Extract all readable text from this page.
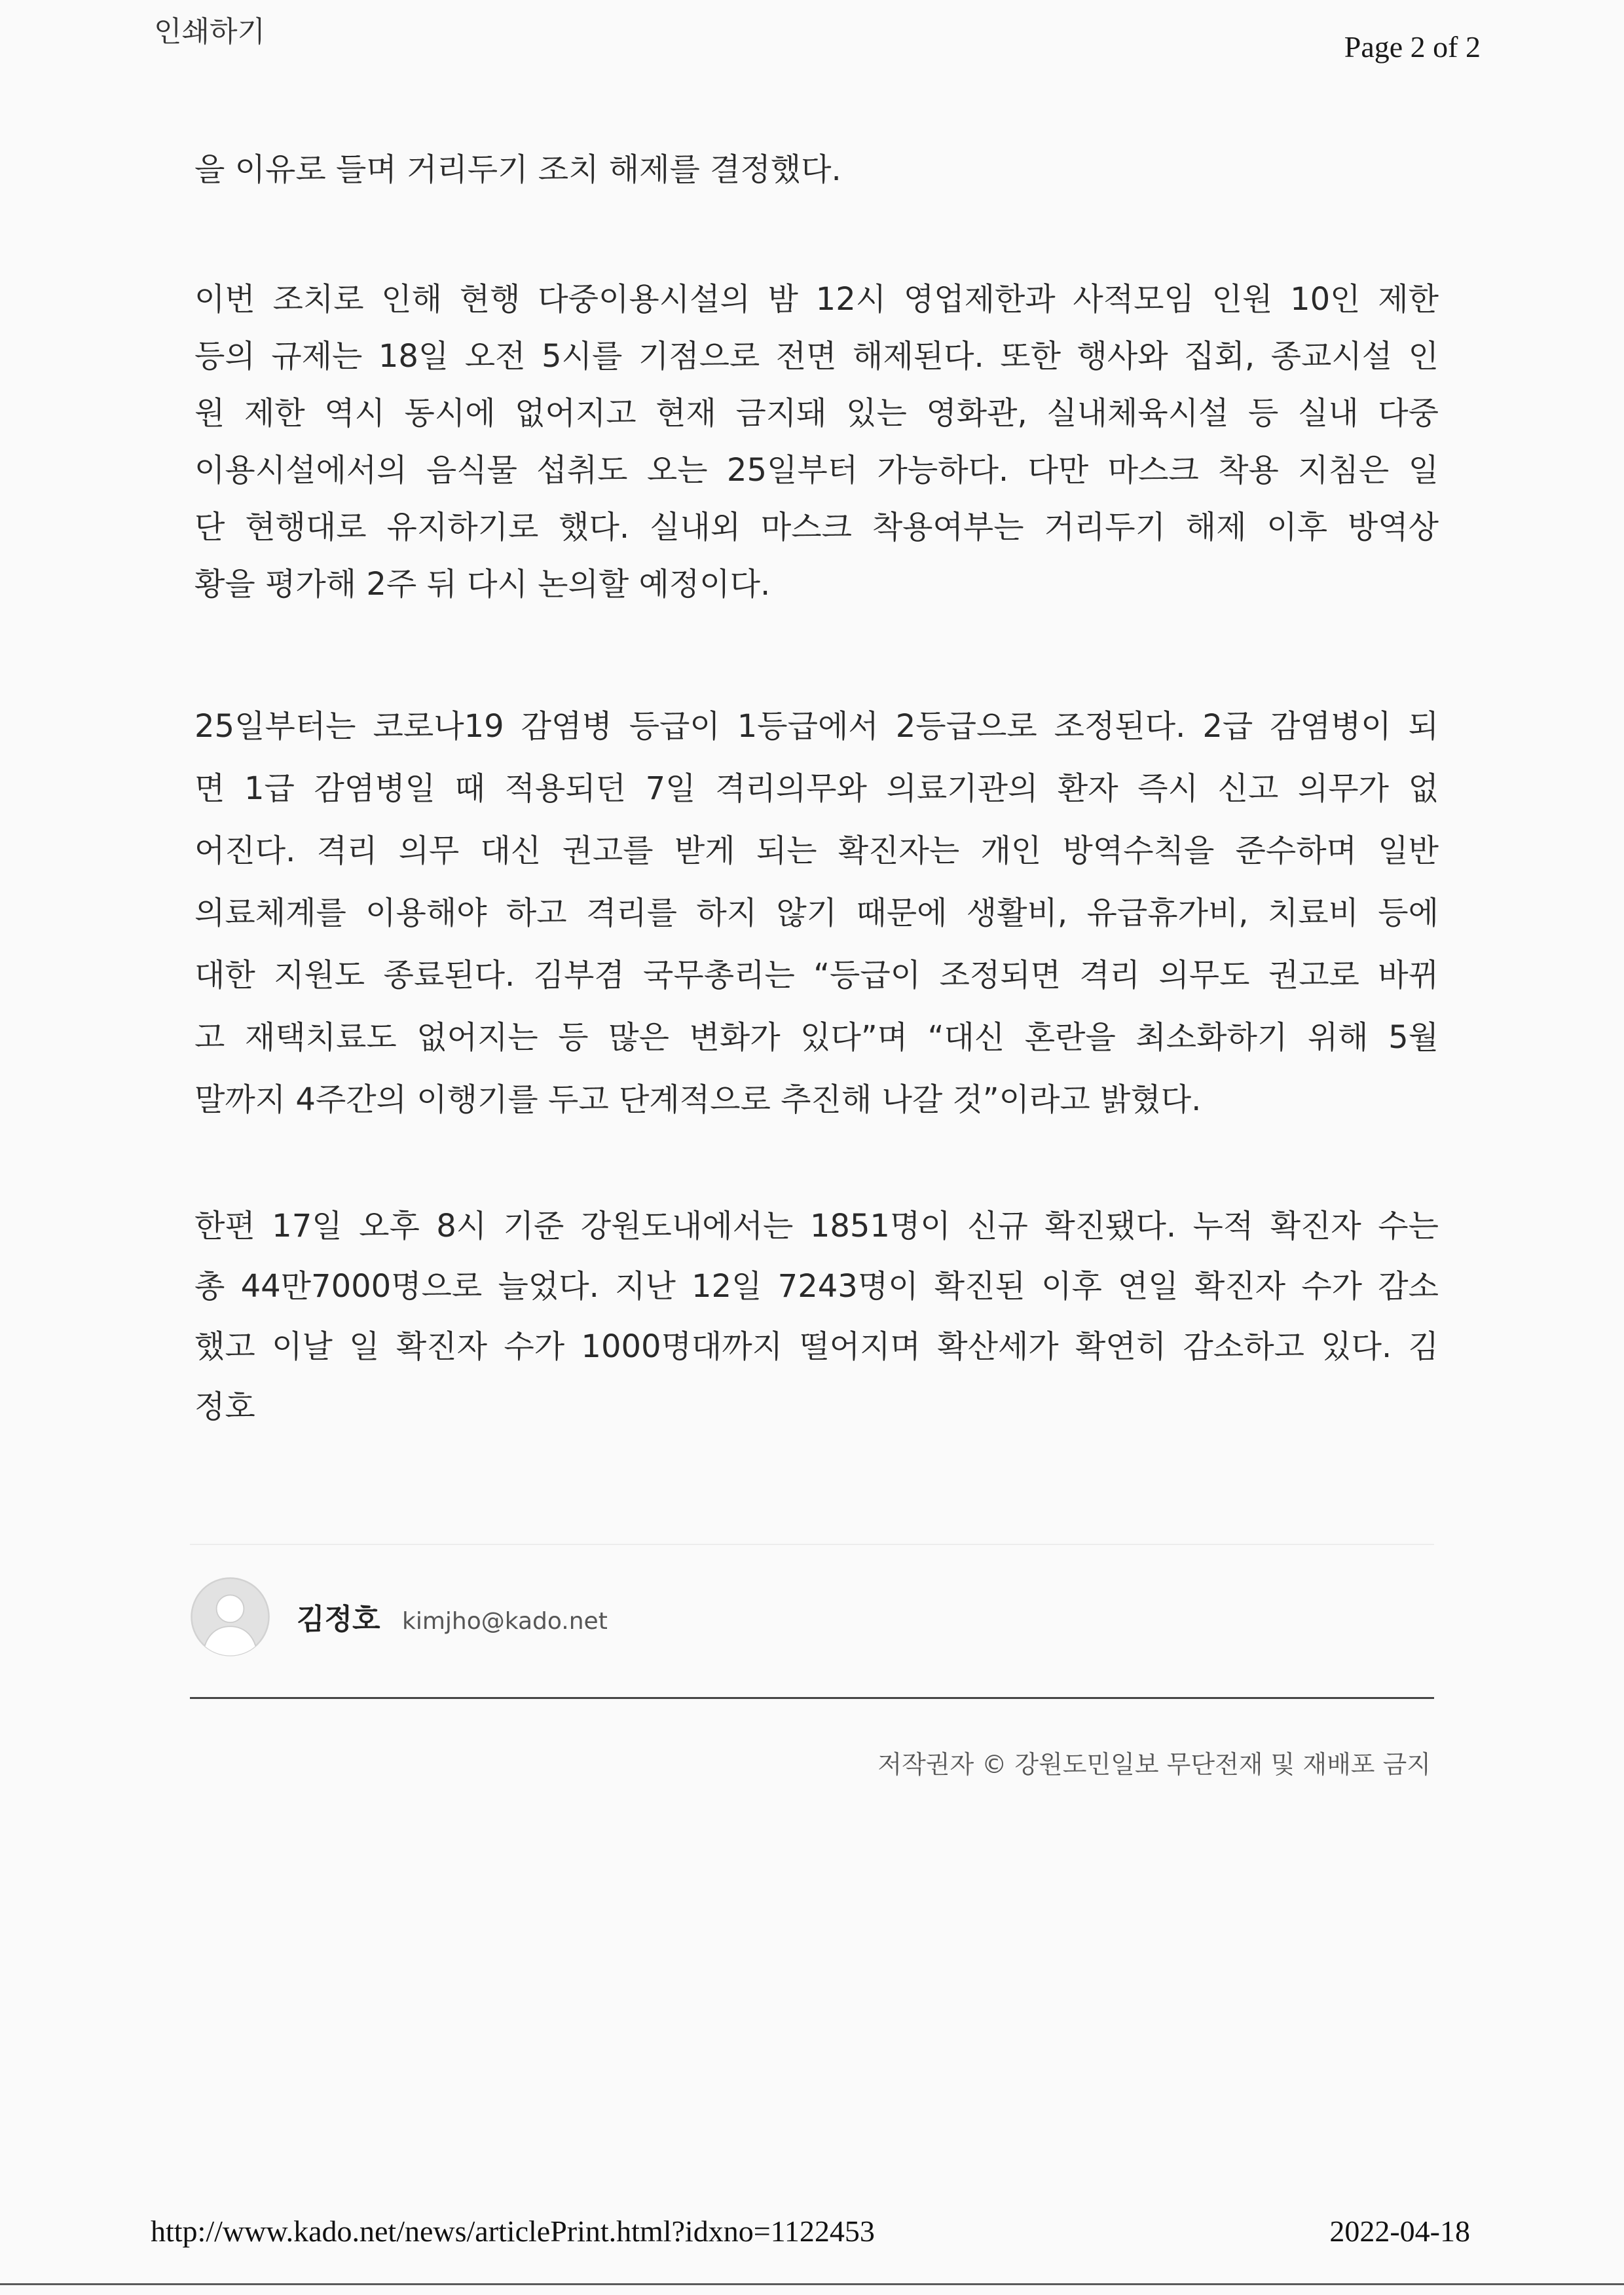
인쇄하기	Page 2 of 2
을 이유로 들며 거리두기 조치 해제를 결정했다.
이번 조치로 인해 현행 다중이용시설의 밤 12시 영업제한과 사적모임 인원 10인 제한
등의 규제는 18일 오전 5시를 기점으로 전면 해제된다. 또한 행사와 집회, 종교시설 인
원 제한 역시 동시에 없어지고 현재 금지돼 있는 영화관, 실내체육시설 등 실내 다중
이용시설에서의 음식물 섭취도 오는 25일부터 가능하다. 다만 마스크 착용 지침은 일
단 현행대로 유지하기로 했다. 실내외 마스크 착용여부는 거리두기 해제 이후 방역상
황을 평가해 2주 뒤 다시 논의할 예정이다.
25일부터는 코로나19 감염병 등급이 1등급에서 2등급으로 조정된다. 2급 감염병이 되
면 1급 감염병일 때 적용되던 7일 격리의무와 의료기관의 환자 즉시 신고 의무가 없
어진다. 격리 의무 대신 권고를 받게 되는 확진자는 개인 방역수칙을 준수하며 일반
의료체계를 이용해야 하고 격리를 하지 않기 때문에 생활비, 유급휴가비, 치료비 등에
대한 지원도 종료된다. 김부겸 국무총리는 “등급이 조정되면 격리 의무도 권고로 바뀌
고 재택치료도 없어지는 등 많은 변화가 있다”며 “대신 혼란을 최소화하기 위해 5월
말까지 4주간의 이행기를 두고 단계적으로 추진해 나갈 것”이라고 밝혔다.
한편 17일 오후 8시 기준 강원도내에서는 1851명이 신규 확진됐다. 누적 확진자 수는
총 44만7000명으로 늘었다. 지난 12일 7243명이 확진된 이후 연일 확진자 수가 감소
했고 이날 일 확진자 수가 1000명대까지 떨어지며 확산세가 확연히 감소하고 있다. 김
정호
김정호 kimjho@kado.net
저작권자 © 강원도민일보 무단전재 및 재배포 금지
http://www.kado.net/news/articlePrint.html?idxno=1122453	2022-04-18
